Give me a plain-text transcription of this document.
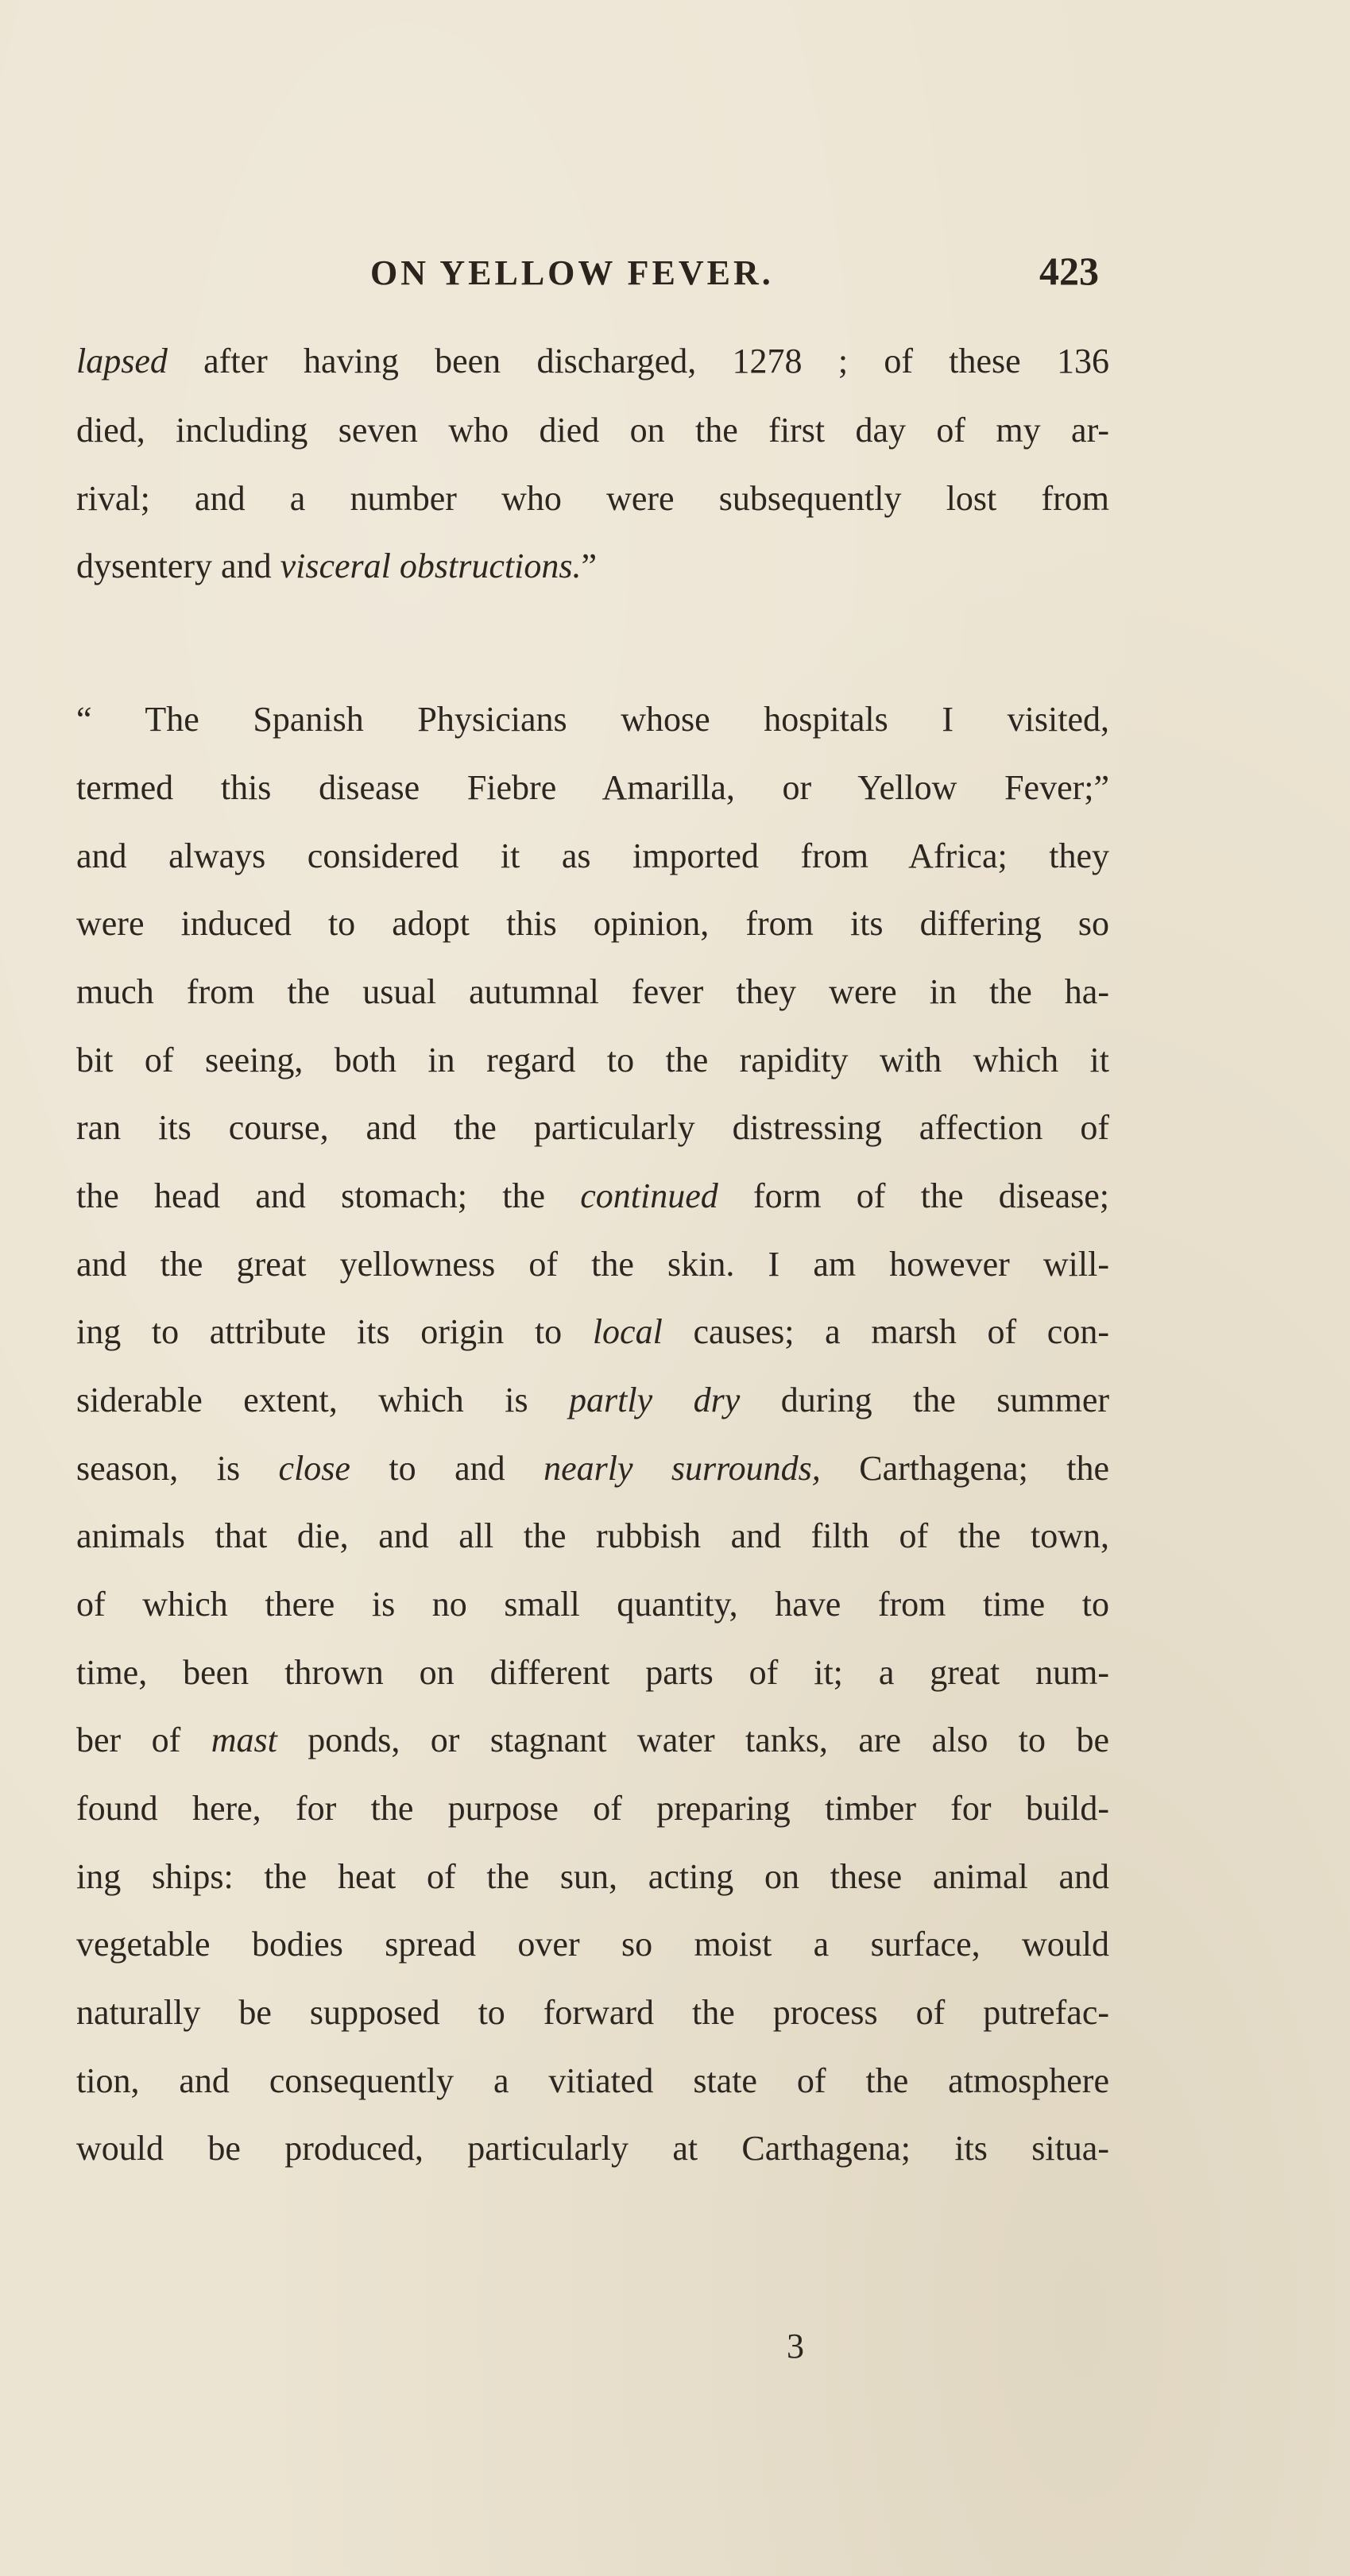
ON YELLOW FEVER.	423
lapsed after having been discharged, 1278 ; of these 136
died, including seven who died on the first day of my ar-
rival; and a number who were subsequently lost from
dysentery and visceral obstructions.”
“ The Spanish Physicians whose hospitals I visited,
termed this disease Fiebre Amarilla, or Yellow Fever;”
and always considered it as imported from Africa; they
were induced to adopt this opinion, from its differing so
much from the usual autumnal fever they were in the ha-
bit of seeing, both in regard to the rapidity with which it
ran its course, and the particularly distressing affection of
the head and stomach; the continued form of the disease;
and the great yellowness of the skin. I am however will-
ing to attribute its origin to local causes; a marsh of con-
siderable extent, which is partly dry during the summer
season, is close to and nearly surrounds, Carthagena; the
animals that die, and all the rubbish and filth of the town,
of which there is no small quantity, have from time to
time, been thrown on different parts of it; a great num-
ber of mast ponds, or stagnant water tanks, are also to be
found here, for the purpose of preparing timber for build-
ing ships: the heat of the sun, acting on these animal and
vegetable bodies spread over so moist a surface, would
naturally be supposed to forward the process of putrefac-
tion, and consequently a vitiated state of the atmosphere
would be produced, particularly at Carthagena; its situa-
3
